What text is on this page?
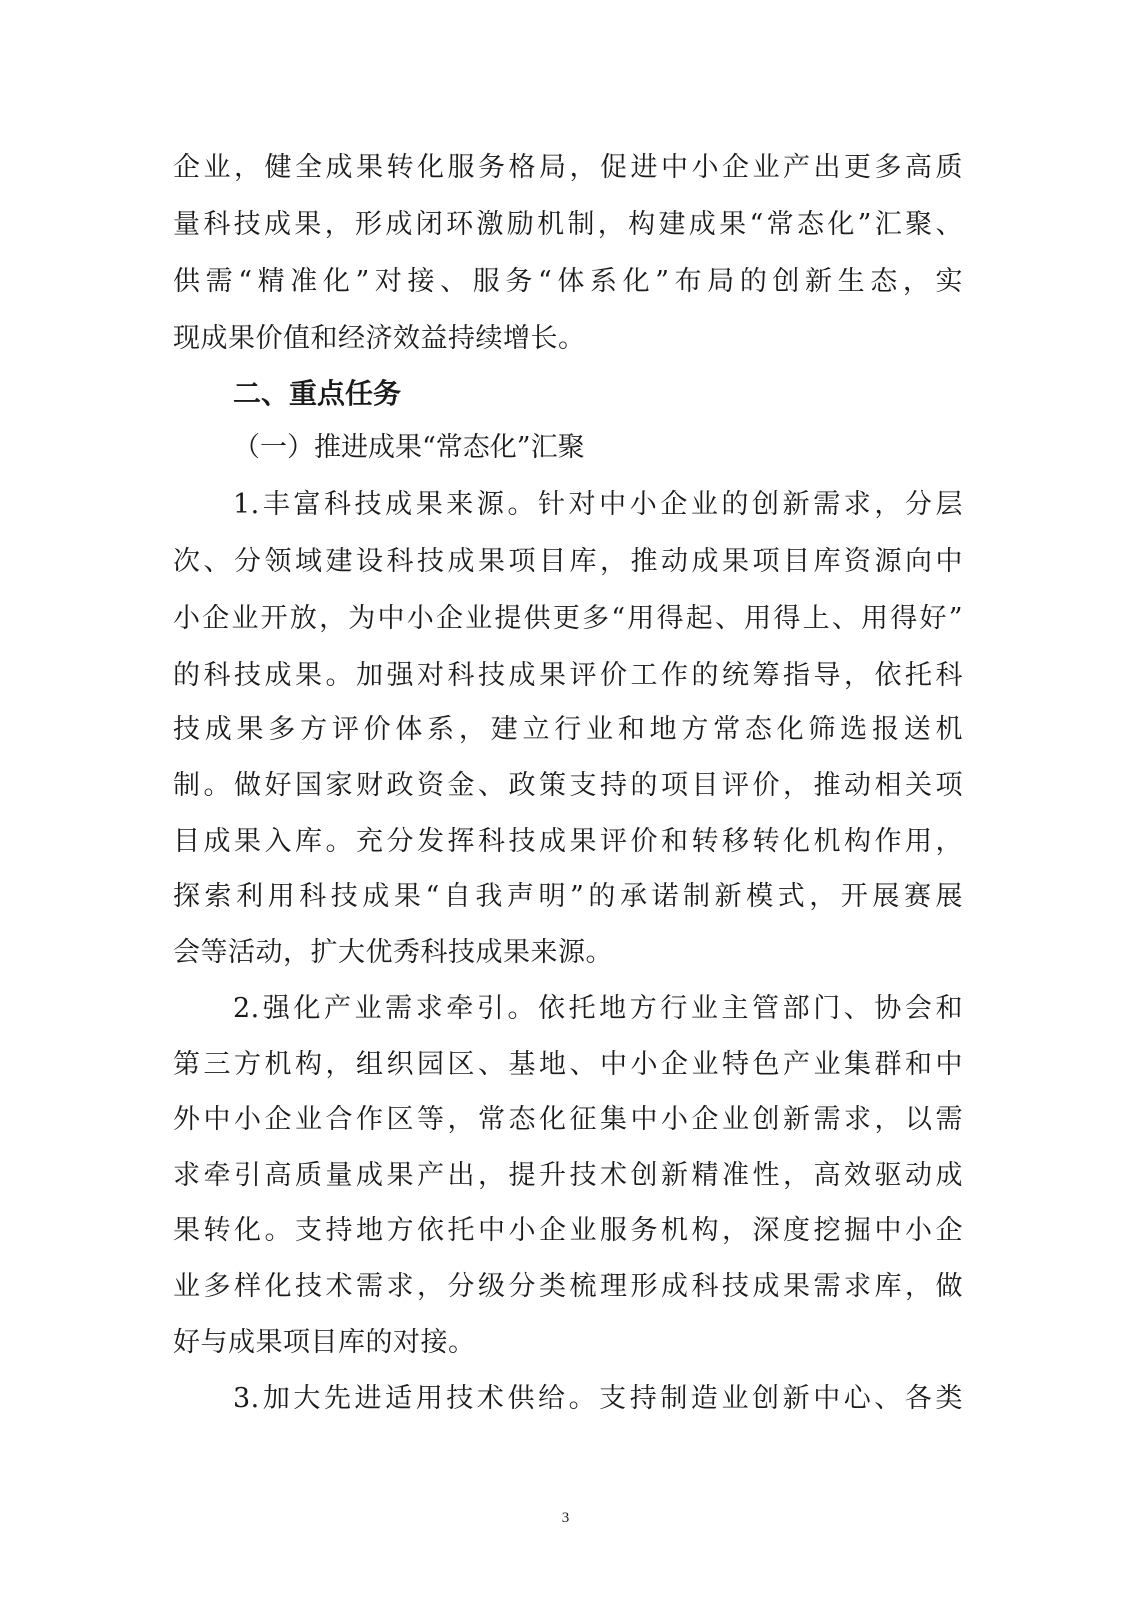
企业，健全成果转化服务格局，促进中小企业产出更多高质
量科技成果，形成闭环激励机制，构建成果“常态化”汇聚、
供需“精准化”对接、服务“体系化”布局的创新生态，实
现成果价值和经济效益持续增长。
二、重点任务
（一）推进成果“常态化”汇聚
1.丰富科技成果来源。针对中小企业的创新需求，分层
次、分领域建设科技成果项目库，推动成果项目库资源向中
小企业开放，为中小企业提供更多“用得起、用得上、用得好”
的科技成果。加强对科技成果评价工作的统筹指导，依托科
技成果多方评价体系，建立行业和地方常态化筛选报送机
制。做好国家财政资金、政策支持的项目评价，推动相关项
目成果入库。充分发挥科技成果评价和转移转化机构作用，
探索利用科技成果“自我声明”的承诺制新模式，开展赛展
会等活动，扩大优秀科技成果来源。
2.强化产业需求牵引。依托地方行业主管部门、协会和
第三方机构，组织园区、基地、中小企业特色产业集群和中
外中小企业合作区等，常态化征集中小企业创新需求，以需
求牵引高质量成果产出，提升技术创新精准性，高效驱动成
果转化。支持地方依托中小企业服务机构，深度挖掘中小企
业多样化技术需求，分级分类梳理形成科技成果需求库，做
好与成果项目库的对接。
3.加大先进适用技术供给。支持制造业创新中心、各类
3
